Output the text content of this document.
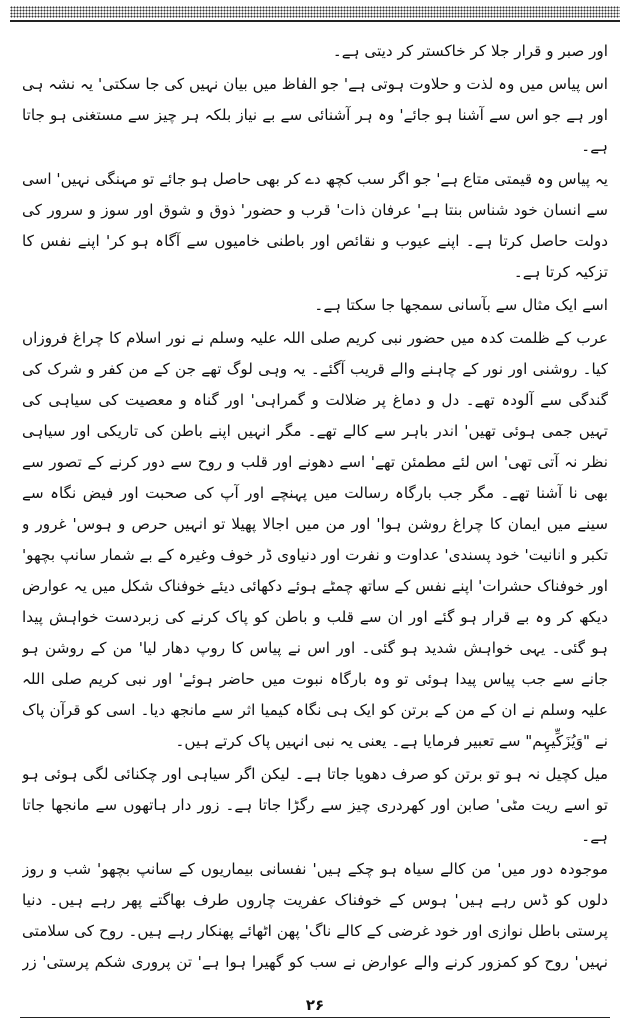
اور صبر و قرار جلا کر خاکستر کر دیتی ہے۔

اس پیاس میں وہ لذت و حلاوت ہوتی ہے' جو الفاظ میں بیان نہیں کی جا سکتی' یہ نشہ ہی اور ہے جو اس سے آشنا ہو جائے' وہ ہر آشنائی سے بے نیاز بلکہ ہر چیز سے مستغنی ہو جاتا ہے۔

یہ پیاس وہ قیمتی متاع ہے' جو اگر سب کچھ دے کر بھی حاصل ہو جائے تو مہنگی نہیں' اسی سے انسان خود شناس بنتا ہے' عرفان ذات' قرب و حضور' ذوق و شوق اور سوز و سرور کی دولت حاصل کرتا ہے۔ اپنے عیوب و نقائص اور باطنی خامیوں سے آگاہ ہو کر' اپنے نفس کا تزکیہ کرتا ہے۔

اسے ایک مثال سے بآسانی سمجھا جا سکتا ہے۔

عرب کے ظلمت کدہ میں حضور نبی کریم صلی اللہ علیہ وسلم نے نور اسلام کا چراغ فروزاں کیا۔ روشنی اور نور کے چاہنے والے قریب آگئے۔ یہ وہی لوگ تھے جن کے من کفر و شرک کی گندگی سے آلودہ تھے۔ دل و دماغ پر ضلالت و گمراہی' اور گناہ و معصیت کی سیاہی کی تہیں جمی ہوئی تھیں' اندر باہر سے کالے تھے۔ مگر انہیں اپنے باطن کی تاریکی اور سیاہی نظر نہ آتی تھی' اس لئے مطمئن تھے' اسے دھونے اور قلب و روح سے دور کرنے کے تصور سے بھی نا آشنا تھے۔ مگر جب بارگاہ رسالت میں پہنچے اور آپ کی صحبت اور فیض نگاہ سے سینے میں ایمان کا چراغ روشن ہوا' اور من میں اجالا پھیلا تو انہیں حرص و ہوس' غرور و تکبر و انانیت' خود پسندی' عداوت و نفرت اور دنیاوی ڈر خوف وغیرہ کے بے شمار سانپ بچھو' اور خوفناک حشرات' اپنے نفس کے ساتھ چمٹے ہوئے دکھائی دیئے خوفناک شکل میں یہ عوارض دیکھ کر وہ بے قرار ہو گئے اور ان سے قلب و باطن کو پاک کرنے کی زبردست خواہش پیدا ہو گئی۔ یہی خواہش شدید ہو گئی۔ اور اس نے پیاس کا روپ دھار لیا' من کے روشن ہو جانے سے جب پیاس پیدا ہوئی تو وہ بارگاہ نبوت میں حاضر ہوئے' اور نبی کریم صلی اللہ علیہ وسلم نے ان کے من کے برتن کو ایک ہی نگاہ کیمیا اثر سے مانجھ دیا۔ اسی کو قرآن پاک نے "وَیُزَکِّیہِم" سے تعبیر فرمایا ہے۔ یعنی یہ نبی انہیں پاک کرتے ہیں۔

میل کچیل نہ ہو تو برتن کو صرف دھویا جاتا ہے۔ لیکن اگر سیاہی اور چکنائی لگی ہوئی ہو تو اسے ریت مٹی' صابن اور کھردری چیز سے رگڑا جاتا ہے۔ زور دار ہاتھوں سے مانجھا جاتا ہے۔

موجودہ دور میں' من کالے سیاہ ہو چکے ہیں' نفسانی بیماریوں کے سانپ بچھو' شب و روز دلوں کو ڈس رہے ہیں' ہوس کے خوفناک عفریت چاروں طرف بھاگتے پھر رہے ہیں۔ دنیا پرستی باطل نوازی اور خود غرضی کے کالے ناگ' پھن اٹھائے پھنکار رہے ہیں۔ روح کی سلامتی نہیں' روح کو کمزور کرنے والے عوارض نے سب کو گھیرا ہوا ہے' تن پروری شکم پرستی' زر

۲۶
